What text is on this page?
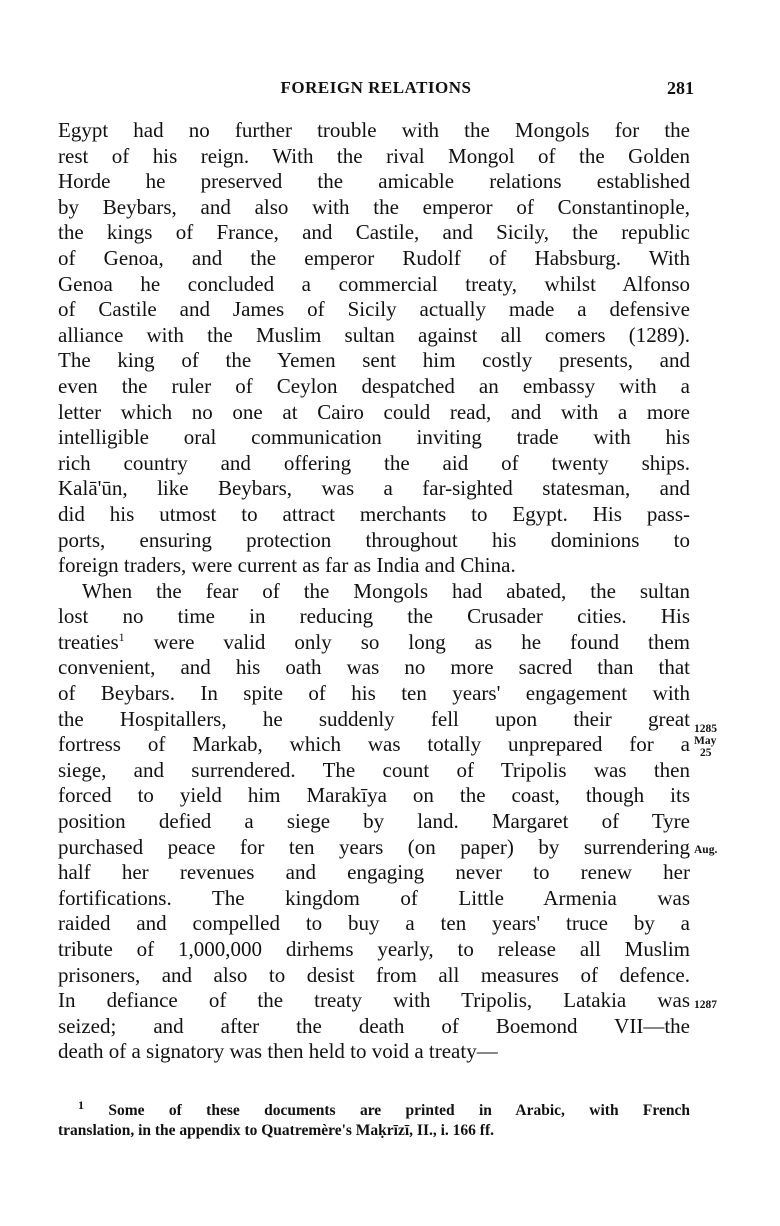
FOREIGN RELATIONS	281
Egypt had no further trouble with the Mongols for the
rest of his reign. With the rival Mongol of the Golden
Horde he preserved the amicable relations established
by Beybars, and also with the emperor of Constantinople,
the kings of France, and Castile, and Sicily, the republic
of Genoa, and the emperor Rudolf of Habsburg. With
Genoa he concluded a commercial treaty, whilst Alfonso
of Castile and James of Sicily actually made a defensive
alliance with the Muslim sultan against all comers (1289).
The king of the Yemen sent him costly presents, and
even the ruler of Ceylon despatched an embassy with a
letter which no one at Cairo could read, and with a more
intelligible oral communication inviting trade with his
rich country and offering the aid of twenty ships.
Kalā'ūn, like Beybars, was a far-sighted statesman, and
did his utmost to attract merchants to Egypt. His pass-
ports, ensuring protection throughout his dominions to
foreign traders, were current as far as India and China.
When the fear of the Mongols had abated, the sultan
lost no time in reducing the Crusader cities. His
treaties$^1$ were valid only so long as he found them
convenient, and his oath was no more sacred than that
of Beybars. In spite of his ten years' engagement with
the Hospitallers, he suddenly fell upon their great
fortress of Markab, which was totally unprepared for a
siege, and surrendered. The count of Tripolis was then
forced to yield him Marakīya on the coast, though its
position defied a siege by land. Margaret of Tyre
purchased peace for ten years (on paper) by surrendering
half her revenues and engaging never to renew her
fortifications. The kingdom of Little Armenia was
raided and compelled to buy a ten years' truce by a
tribute of 1,000,000 dirhems yearly, to release all Muslim
prisoners, and also to desist from all measures of defence.
In defiance of the treaty with Tripolis, Latakia was
seized; and after the death of Boemond VII—the
death of a signatory was then held to void a treaty—
1285
May
25
Aug.
1287
$^1$ Some of these documents are printed in Arabic, with French
translation, in the appendix to Quatremère's Maḳrīzī, II., i. 166 ff.
